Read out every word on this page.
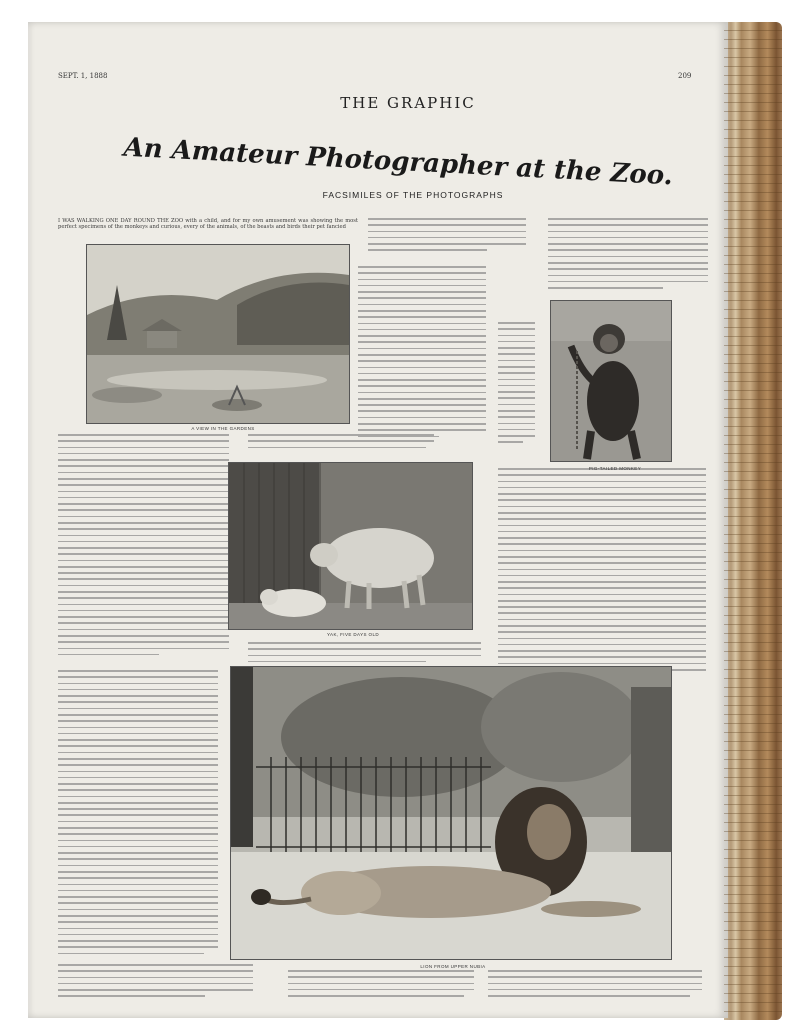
SEPT. 1, 1888
THE GRAPHIC
209
An Amateur Photographer at the Zoo.
FACSIMILES OF THE PHOTOGRAPHS

I WAS WALKING ONE DAY ROUND THE ZOO with a child, and for my own amusement was showing the most perfect specimens of the monkeys and curious, every of the animals, of the beasts and birds their pet fancied

A VIEW IN THE GARDENS
PIG-TAILED MONKEY
YAK, FIVE DAYS OLD
LION FROM UPPER NUBIA
